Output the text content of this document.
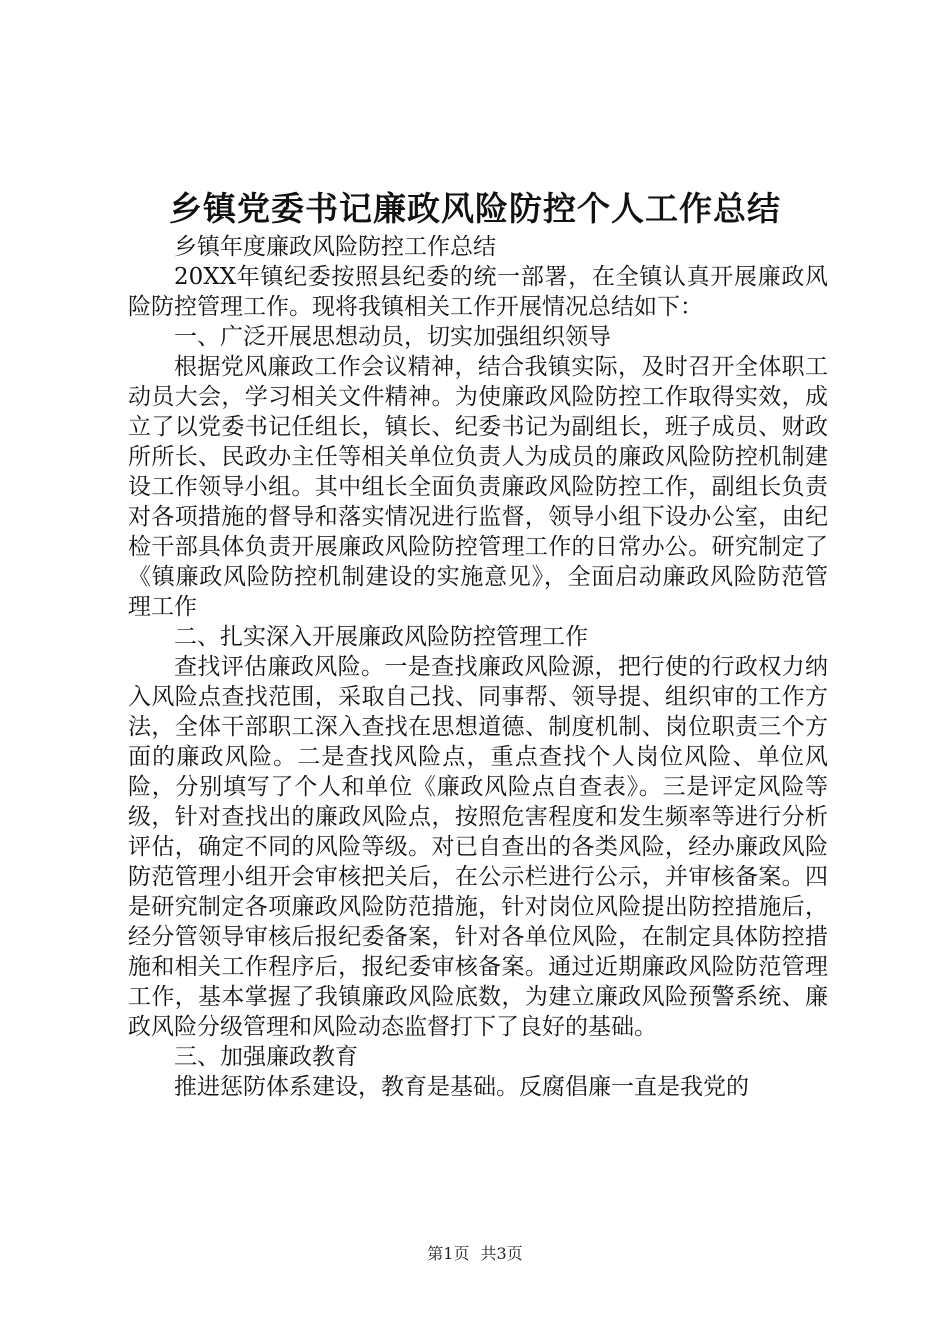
乡镇党委书记廉政风险防控个人工作总结

乡镇年度廉政风险防控工作总结

20XX年镇纪委按照县纪委的统一部署，在全镇认真开展廉政风险防控管理工作。现将我镇相关工作开展情况总结如下：

一、广泛开展思想动员，切实加强组织领导

根据党风廉政工作会议精神，结合我镇实际，及时召开全体职工动员大会，学习相关文件精神。为使廉政风险防控工作取得实效，成立了以党委书记任组长，镇长、纪委书记为副组长，班子成员、财政所所长、民政办主任等相关单位负责人为成员的廉政风险防控机制建设工作领导小组。其中组长全面负责廉政风险防控工作，副组长负责对各项措施的督导和落实情况进行监督，领导小组下设办公室，由纪检干部具体负责开展廉政风险防控管理工作的日常办公。研究制定了《镇廉政风险防控机制建设的实施意见》，全面启动廉政风险防范管理工作

二、扎实深入开展廉政风险防控管理工作

查找评估廉政风险。一是查找廉政风险源，把行使的行政权力纳入风险点查找范围，采取自己找、同事帮、领导提、组织审的工作方法，全体干部职工深入查找在思想道德、制度机制、岗位职责三个方面的廉政风险。二是查找风险点，重点查找个人岗位风险、单位风险，分别填写了个人和单位《廉政风险点自查表》。三是评定风险等级，针对查找出的廉政风险点，按照危害程度和发生频率等进行分析评估，确定不同的风险等级。对已自查出的各类风险，经办廉政风险防范管理小组开会审核把关后，在公示栏进行公示，并审核备案。四是研究制定各项廉政风险防范措施，针对岗位风险提出防控措施后，经分管领导审核后报纪委备案，针对各单位风险，在制定具体防控措施和相关工作程序后，报纪委审核备案。通过近期廉政风险防范管理工作，基本掌握了我镇廉政风险底数，为建立廉政风险预警系统、廉政风险分级管理和风险动态监督打下了良好的基础。

三、加强廉政教育

推进惩防体系建设，教育是基础。反腐倡廉一直是我党的

第1页 共3页
